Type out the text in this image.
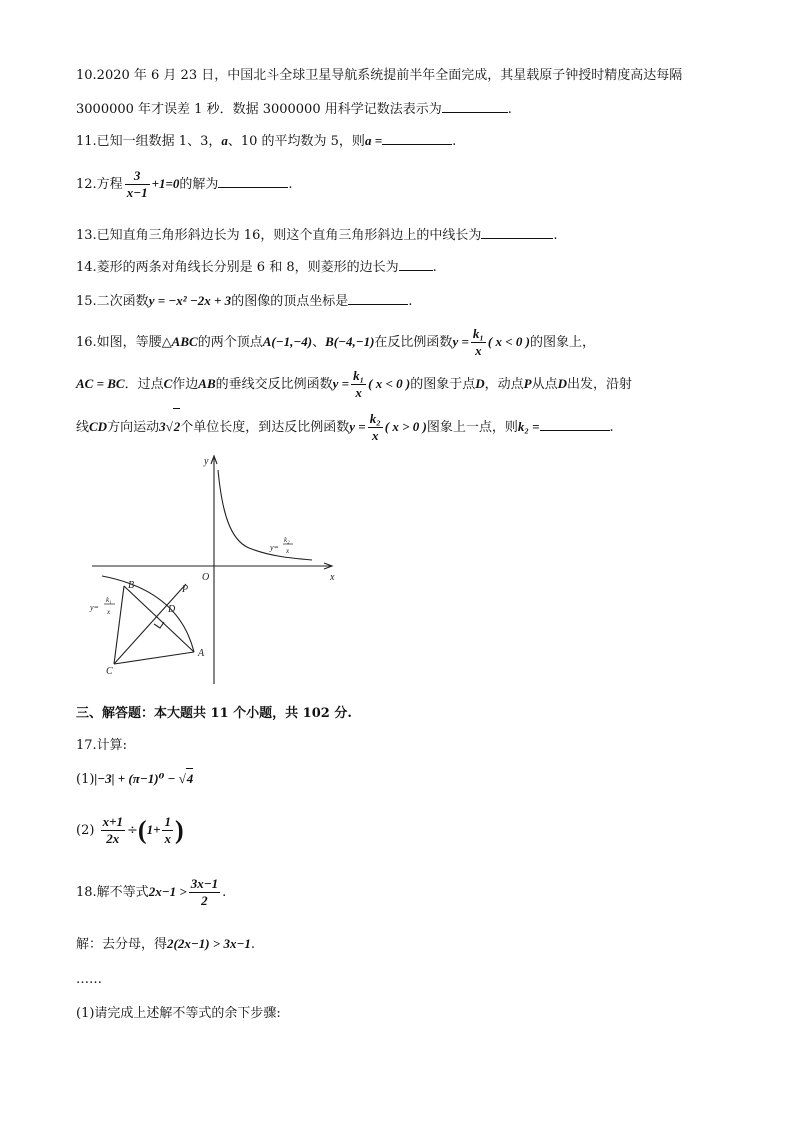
10.2020 年 6 月 23 日，中国北斗全球卫星导航系统提前半年全面完成，其星载原子钟授时精度高达每隔
3000000 年才误差 1 秒．数据 3000000 用科学记数法表示为	.
11.已知一组数据 1、3，a、10 的平均数为 5，则a =	.
12.方程 $\frac{3}{x-1} +1=0$的解为	.
13.已知直角三角形斜边长为 16，则这个直角三角形斜边上的中线长为	.
14.菱形的两条对角线长分别是 6 和 8，则菱形的边长为	.
15.二次函数y = −x² −2x + 3的图像的顶点坐标是	.
16.如图，等腰△ABC的两个顶点A(−1,−4)、B(−4,−1)在反比例函数$y = \frac{\text{k₁}}{x}$ ( x < 0 )的图象上，
AC = BC．过点C作边AB的垂线交反比例函数$y = \frac{\text{k₁}}{x}$ ( x < 0 )的图象于点D，动点P从点D出发，沿射
线CD方向运动3√2个单位长度，到达反比例函数$y = \frac{\text{k₂}}{x}$ ( x > 0 )图象上一点，则k₂ =	.
y
x
O
B
C
A
D
P
y=
k₂
x
y=
k₁
x
三、解答题：本大题共 11 个小题，共 102 分.
17.计算:
(1)|−3| + (π−1)⁰ − √4
$(2) \frac{x+1}{2x} \div(1+ \frac{1}{x}$ )
18.解不等式$2x-1 > \frac{3x-1}{2}$ .
解：去分母，得2(2x−1) > 3x−1.
……
(1)请完成上述解不等式的余下步骤:
